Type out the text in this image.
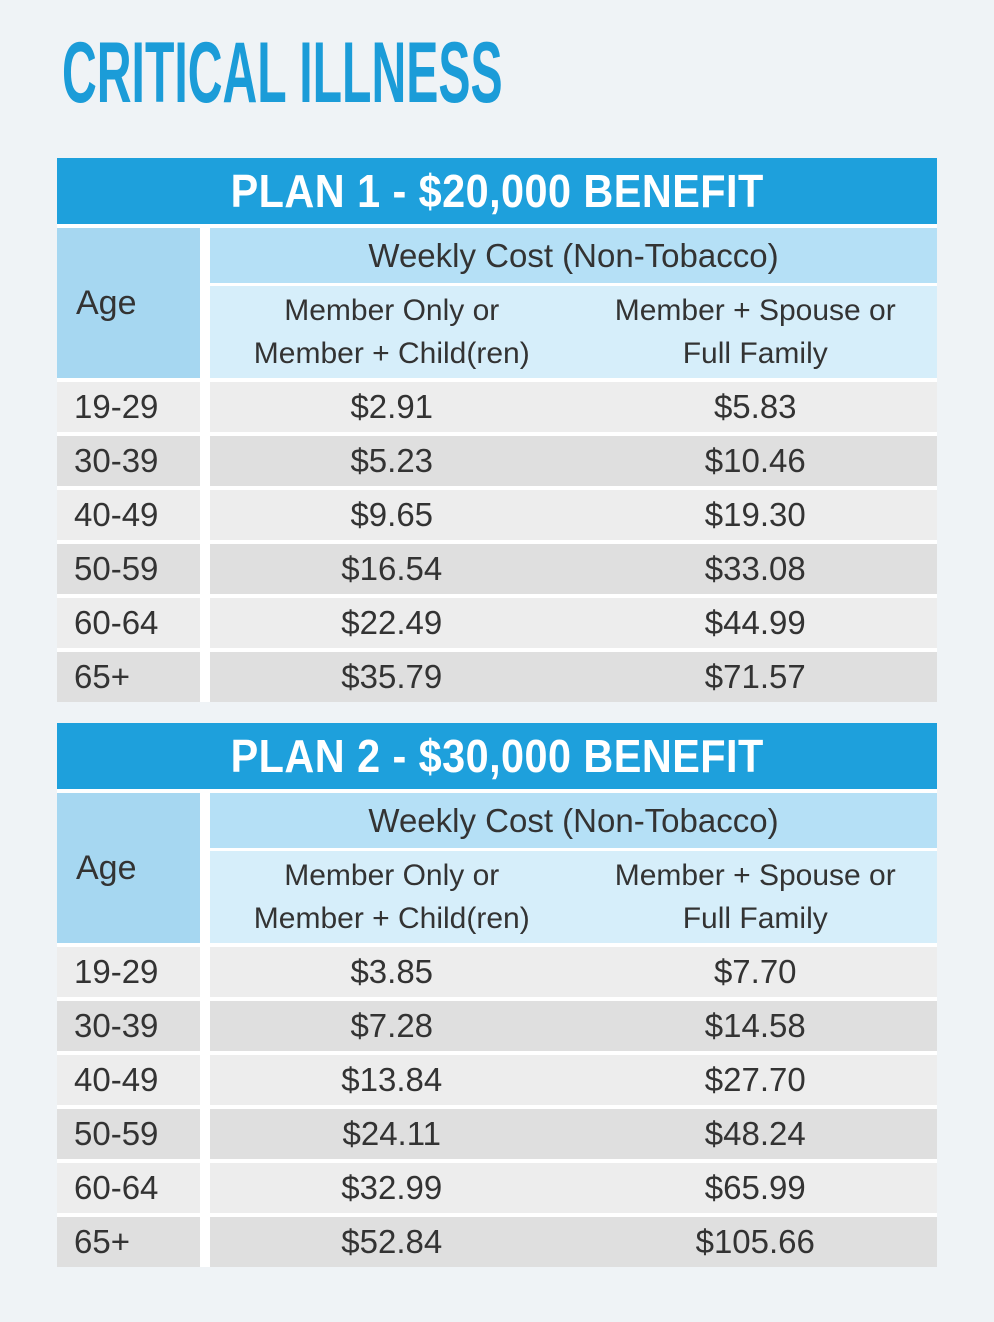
CRITICAL ILLNESS
PLAN 1 - $20,000 BENEFIT
Age
Weekly Cost (Non-Tobacco)
Member Only or
Member + Child(ren)
Member + Spouse or
Full Family
19-29	$2.91	$5.83
30-39	$5.23	$10.46
40-49	$9.65	$19.30
50-59	$16.54	$33.08
60-64	$22.49	$44.99
65+	$35.79	$71.57
PLAN 2 - $30,000 BENEFIT
Age
Weekly Cost (Non-Tobacco)
Member Only or
Member + Child(ren)
Member + Spouse or
Full Family
19-29	$3.85	$7.70
30-39	$7.28	$14.58
40-49	$13.84	$27.70
50-59	$24.11	$48.24
60-64	$32.99	$65.99
65+	$52.84	$105.66
